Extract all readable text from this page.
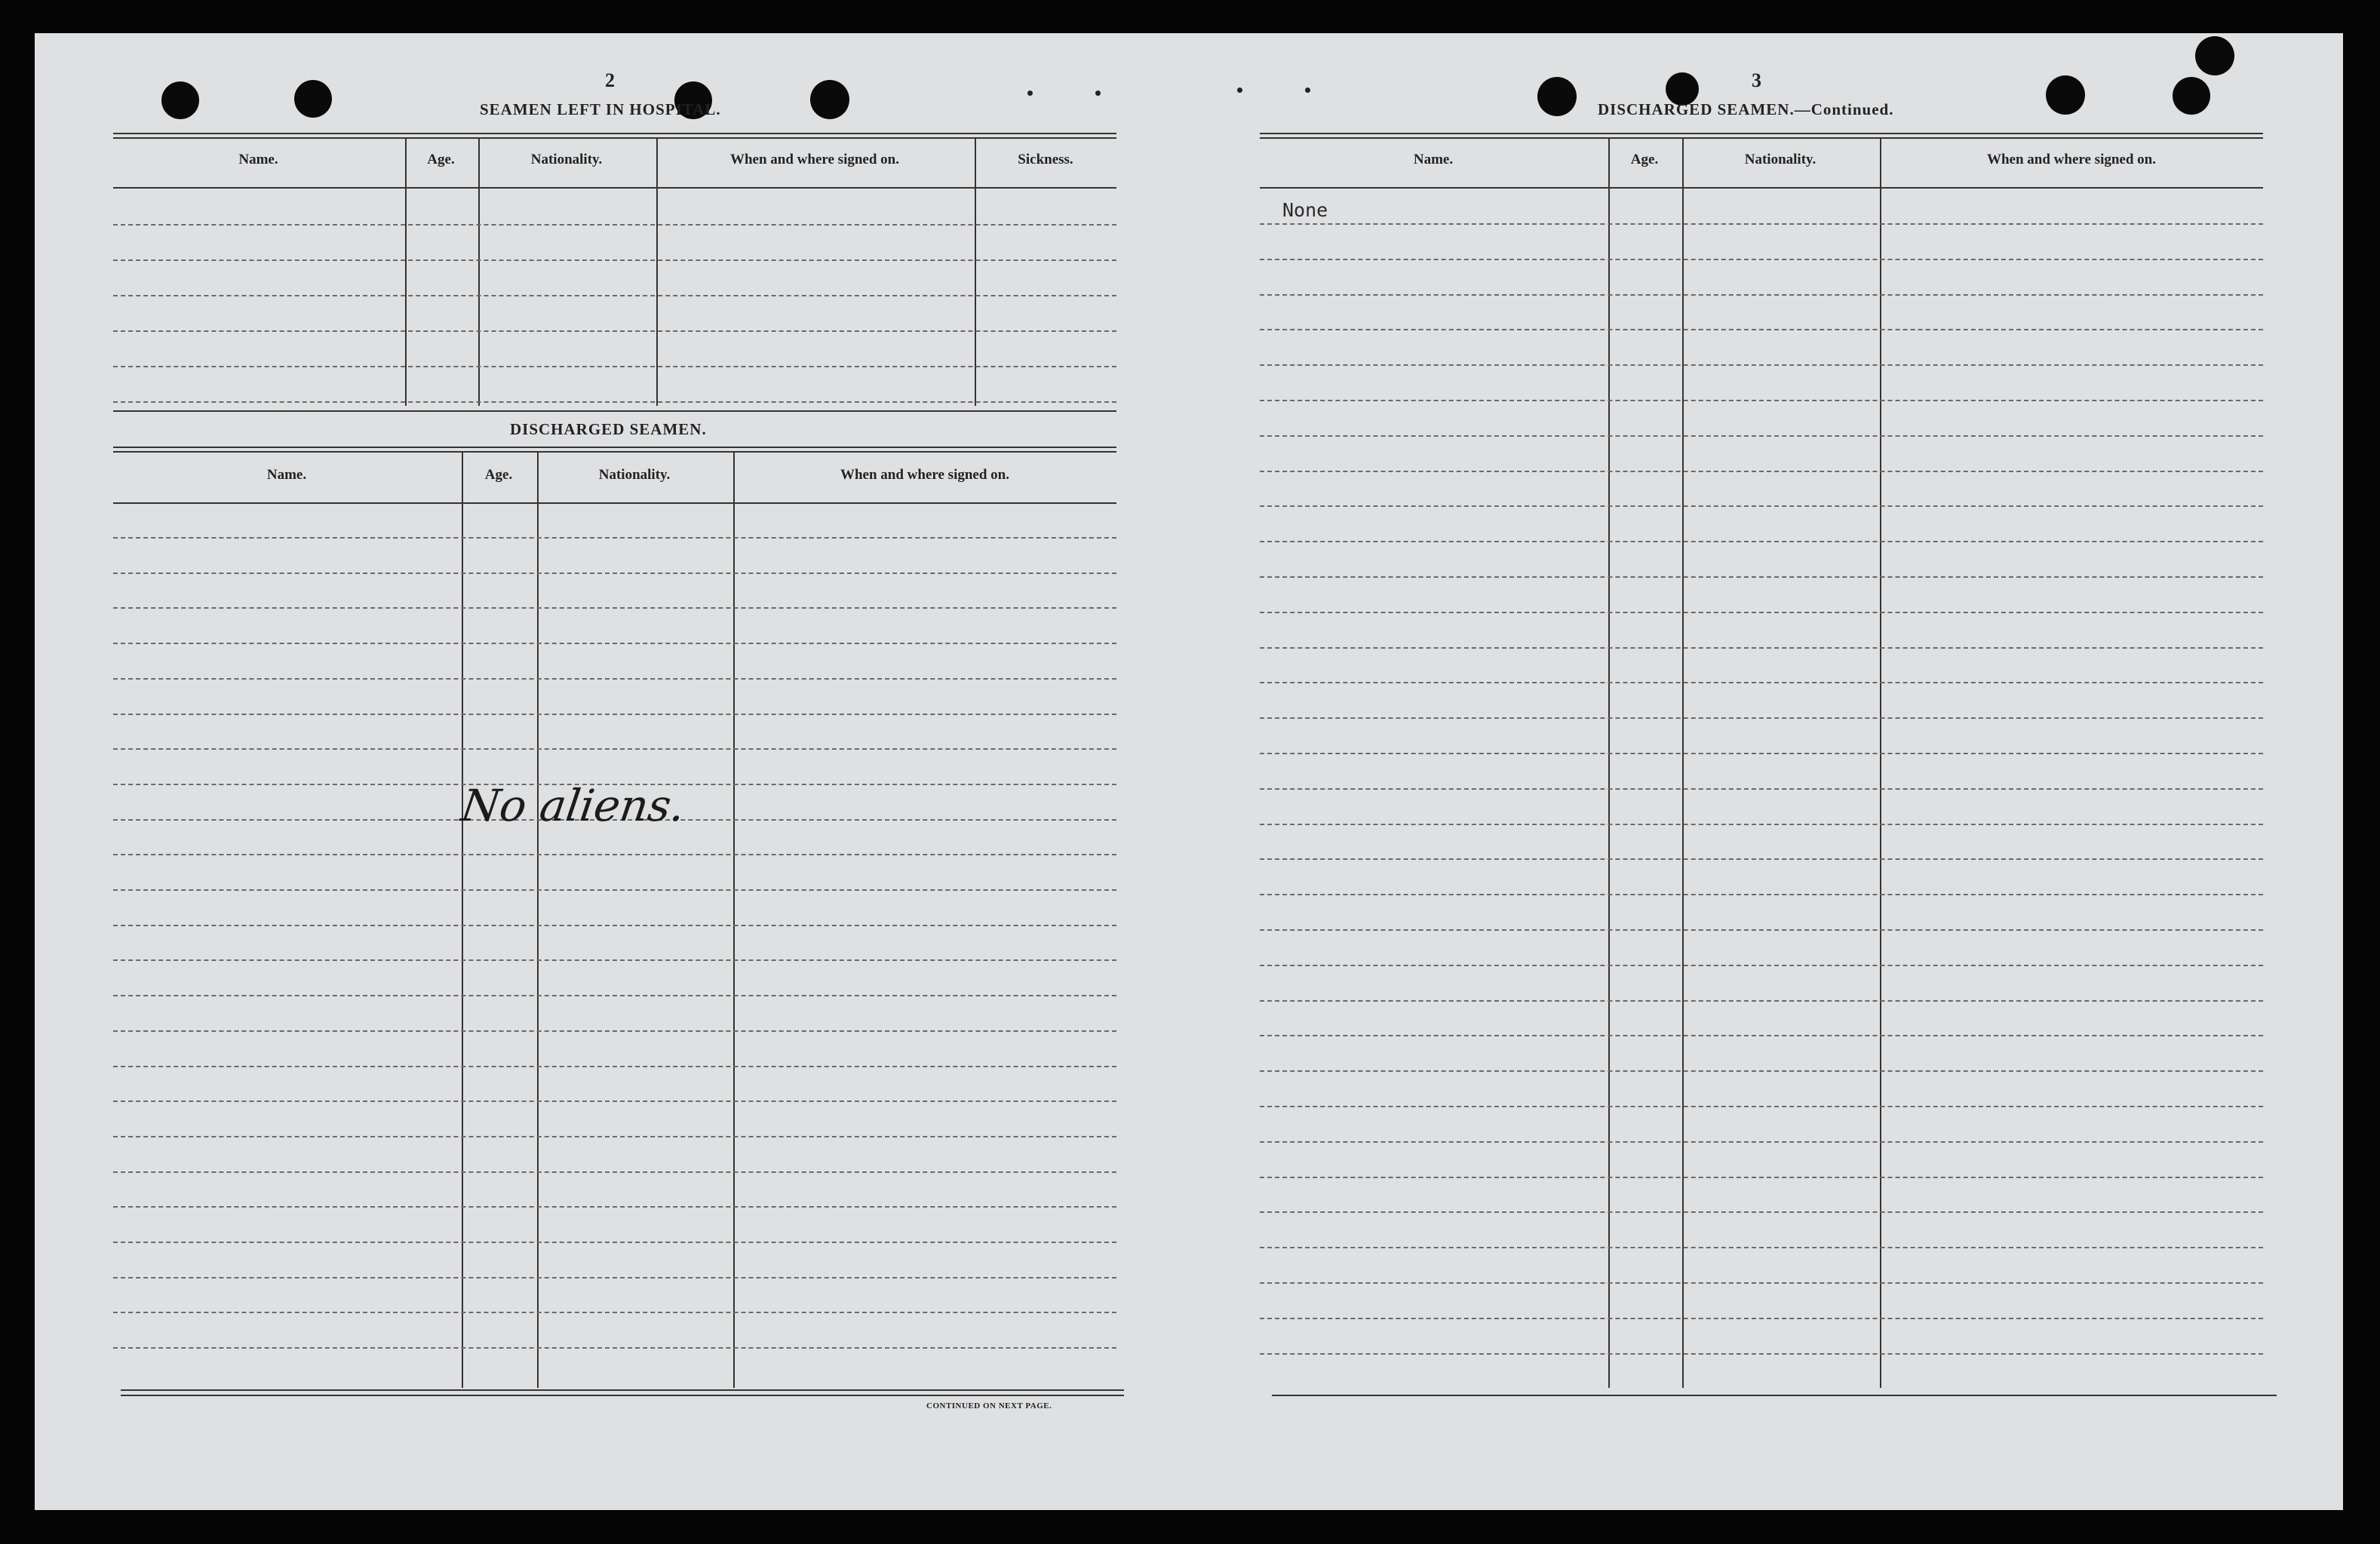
2
SEAMEN LEFT IN HOSPITAL.
Name.	Age.	Nationality.	When and where signed on.	Sickness.
DISCHARGED SEAMEN.
Name.	Age.	Nationality.	When and where signed on.
No aliens.
CONTINUED ON NEXT PAGE.
3
DISCHARGED SEAMEN.—Continued.
Name.	Age.	Nationality.	When and where signed on.
None
